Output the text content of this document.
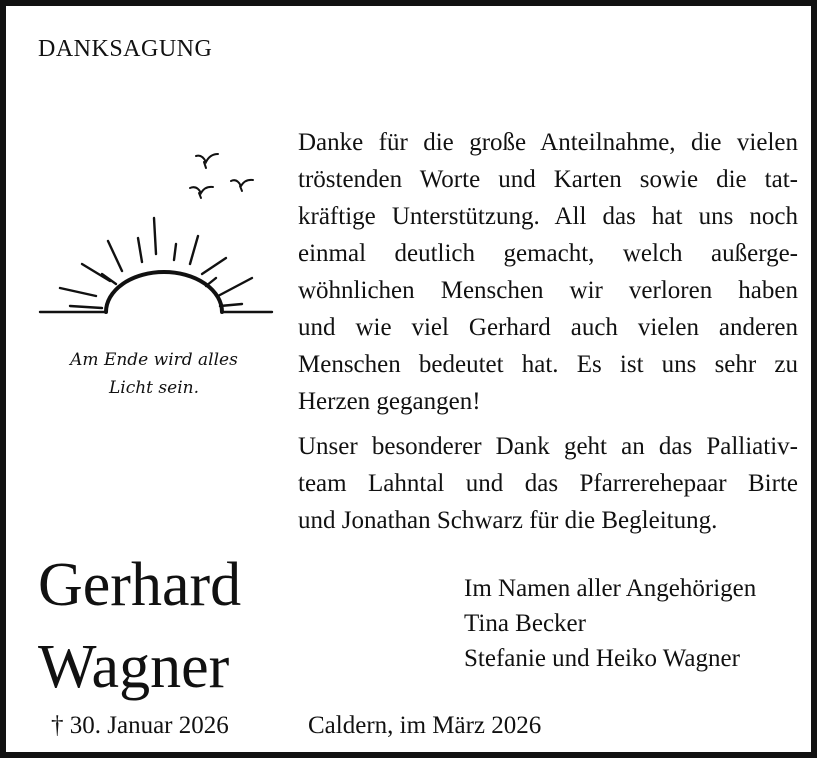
DANKSAGUNG
Am Ende wird alles
Licht sein.
Danke für die große Anteilnahme, die vielen
tröstenden Worte und Karten sowie die tat-
kräftige Unterstützung. All das hat uns noch
einmal deutlich gemacht, welch außerge-
wöhnlichen Menschen wir verloren haben
und wie viel Gerhard auch vielen anderen
Menschen bedeutet hat. Es ist uns sehr zu
Herzen gegangen!
Unser besonderer Dank geht an das Palliativ-
team Lahntal und das Pfarrerehepaar Birte
und Jonathan Schwarz für die Begleitung.
Gerhard
Wagner
Im Namen aller Angehörigen
Tina Becker
Stefanie und Heiko Wagner
† 30. Januar 2026	Caldern, im März 2026
